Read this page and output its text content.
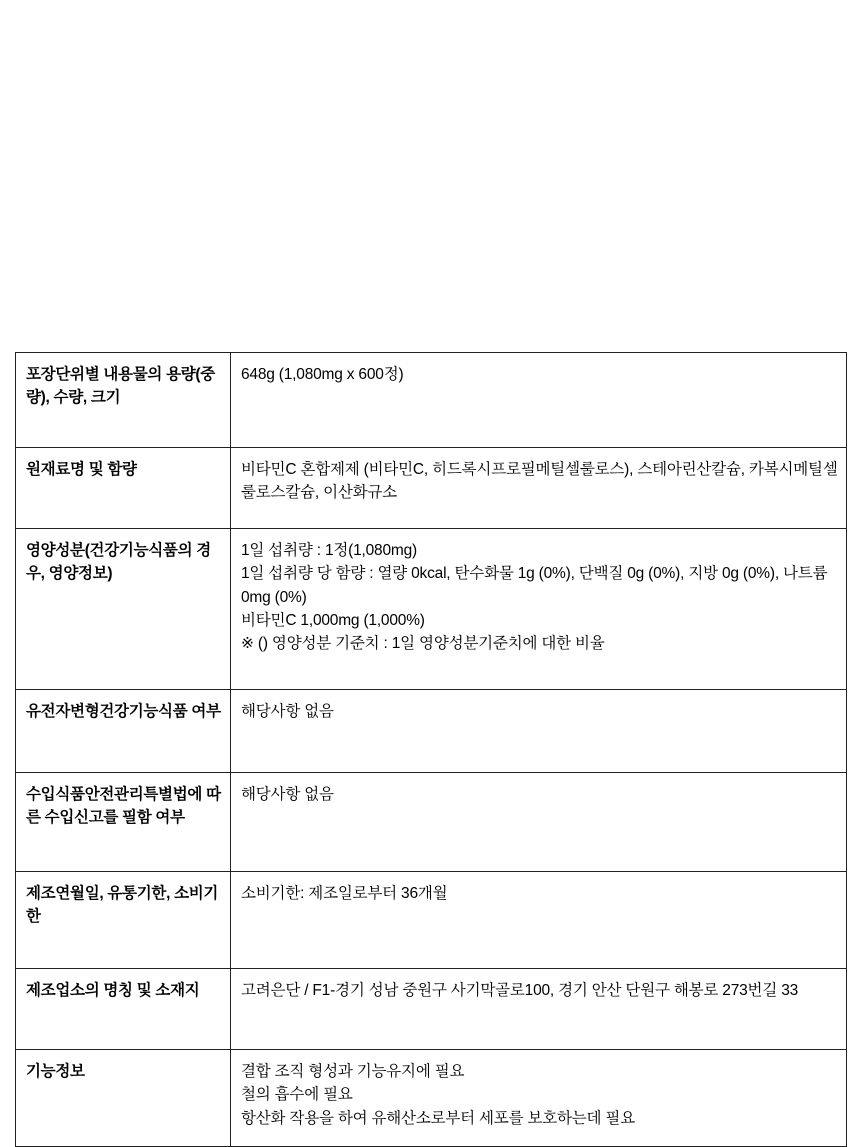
포장단위별 내용물의 용량(중량), 수량, 크기	648g (1,080mg x 600정)

원재료명 및 함량	비타민C 혼합제제 (비타민C, 히드록시프로필메틸셀룰로스), 스테아린산칼슘, 카복시메틸셀룰로스칼슘, 이산화규소

영양성분(건강기능식품의 경우, 영양정보)	1일 섭취량 : 1정(1,080mg)
1일 섭취량 당 함량 : 열량 0kcal, 탄수화물 1g (0%), 단백질 0g (0%), 지방 0g (0%), 나트륨 0mg (0%)
비타민C 1,000mg (1,000%)
※ () 영양성분 기준치 : 1일 영양성분기준치에 대한 비율

유전자변형건강기능식품 여부	해당사항 없음

수입식품안전관리특별법에 따른 수입신고를 필함 여부	해당사항 없음

제조연월일, 유통기한, 소비기한	소비기한: 제조일로부터 36개월

제조업소의 명칭 및 소재지	고려은단 / F1-경기 성남 중원구 사기막골로100, 경기 안산 단원구 해봉로 273번길 33

기능정보	결합 조직 형성과 기능유지에 필요
철의 흡수에 필요
항산화 작용을 하여 유해산소로부터 세포를 보호하는데 필요
